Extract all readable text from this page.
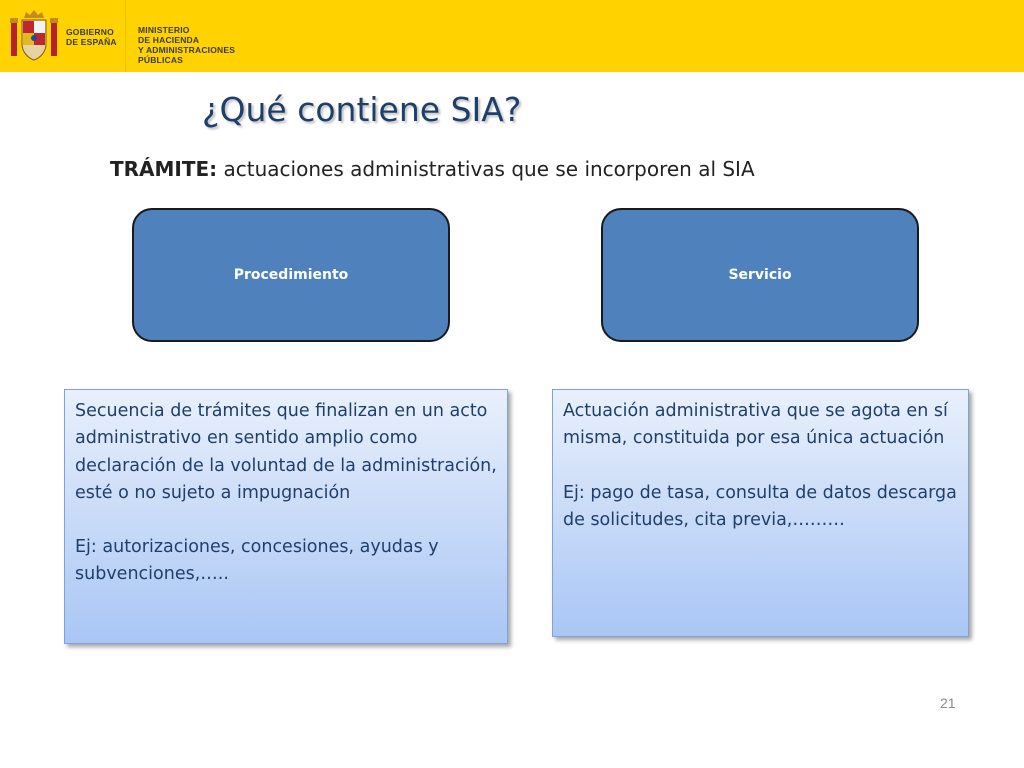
GOBIERNO
DE ESPAÑA
MINISTERIO
DE HACIENDA
Y ADMINISTRACIONES PÚBLICAS
¿Qué contiene SIA?
TRÁMITE: actuaciones administrativas que se incorporen al SIA
Procedimiento	Servicio

Secuencia de trámites que finalizan en un acto administrativo en sentido amplio como declaración de la voluntad de la administración, esté o no sujeto a impugnación

Ej: autorizaciones, concesiones, ayudas y subvenciones,…..

Actuación administrativa que se agota en sí misma, constituida por esa única actuación

Ej: pago de tasa, consulta de datos descarga de solicitudes, cita previa,………

21
